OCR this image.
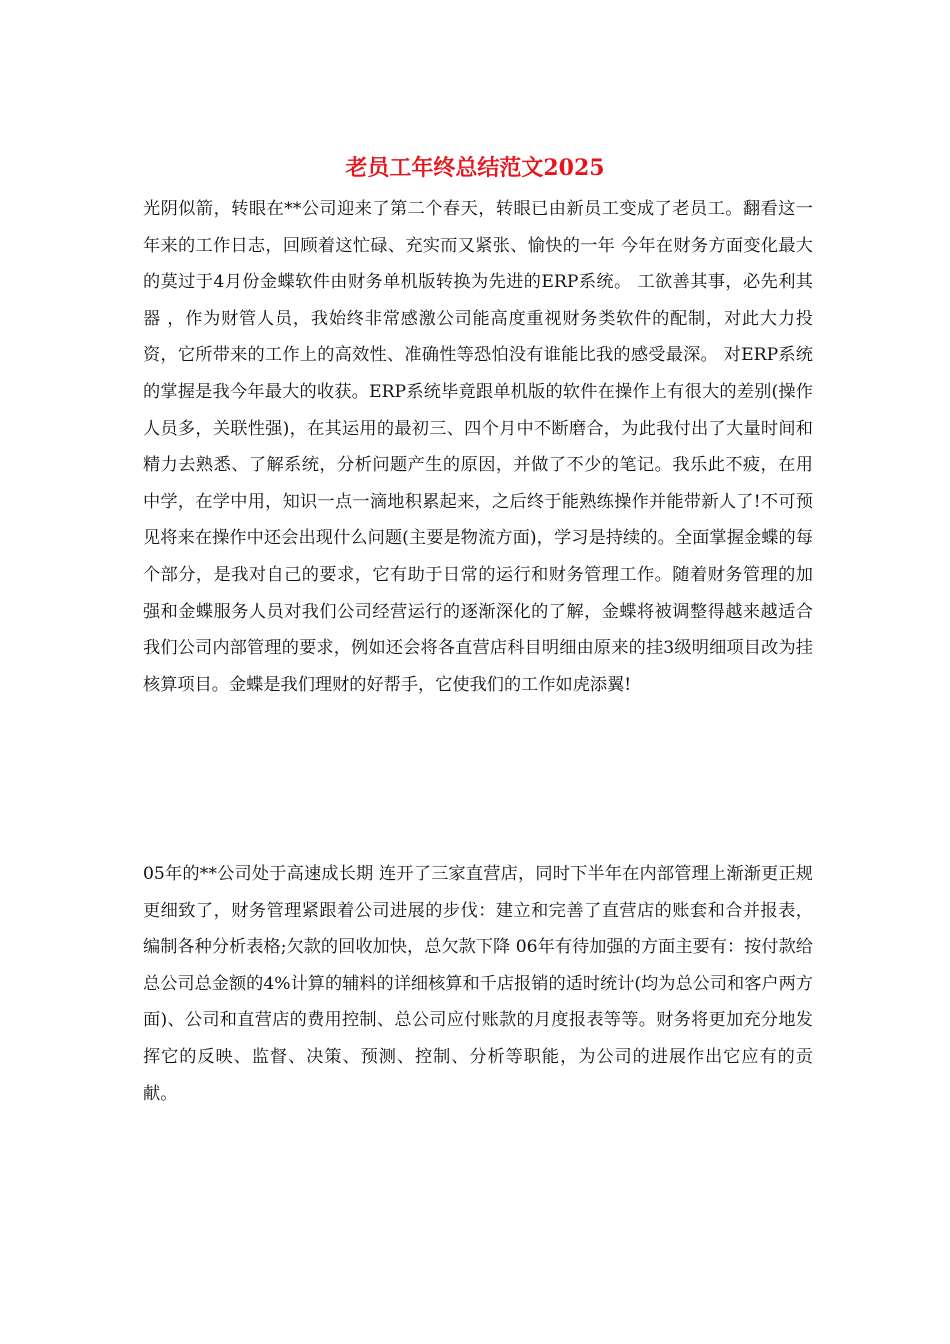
老员工年终总结范文2025

光阴似箭，转眼在**公司迎来了第二个春天，转眼已由新员工变成了老员工。翻看这一年来的工作日志，回顾着这忙碌、充实而又紧张、愉快的一年 今年在财务方面变化最大的莫过于4月份金蝶软件由财务单机版转换为先进的ERP系统。 工欲善其事，必先利其器 ，作为财管人员，我始终非常感激公司能高度重视财务类软件的配制，对此大力投资，它所带来的工作上的高效性、准确性等恐怕没有谁能比我的感受最深。 对ERP系统的掌握是我今年最大的收获。ERP系统毕竟跟单机版的软件在操作上有很大的差别(操作人员多，关联性强)，在其运用的最初三、四个月中不断磨合，为此我付出了大量时间和精力去熟悉、了解系统，分析问题产生的原因，并做了不少的笔记。我乐此不疲，在用中学，在学中用，知识一点一滴地积累起来，之后终于能熟练操作并能带新人了!不可预见将来在操作中还会出现什么问题(主要是物流方面)，学习是持续的。全面掌握金蝶的每个部分，是我对自己的要求，它有助于日常的运行和财务管理工作。随着财务管理的加强和金蝶服务人员对我们公司经营运行的逐渐深化的了解，金蝶将被调整得越来越适合我们公司内部管理的要求，例如还会将各直营店科目明细由原来的挂3级明细项目改为挂核算项目。金蝶是我们理财的好帮手，它使我们的工作如虎添翼!

05年的**公司处于高速成长期 连开了三家直营店，同时下半年在内部管理上渐渐更正规更细致了，财务管理紧跟着公司进展的步伐：建立和完善了直营店的账套和合并报表，编制各种分析表格;欠款的回收加快，总欠款下降 06年有待加强的方面主要有：按付款给总公司总金额的4%计算的辅料的详细核算和千店报销的适时统计(均为总公司和客户两方面)、公司和直营店的费用控制、总公司应付账款的月度报表等等。财务将更加充分地发挥它的反映、监督、决策、预测、控制、分析等职能，为公司的进展作出它应有的贡献。
